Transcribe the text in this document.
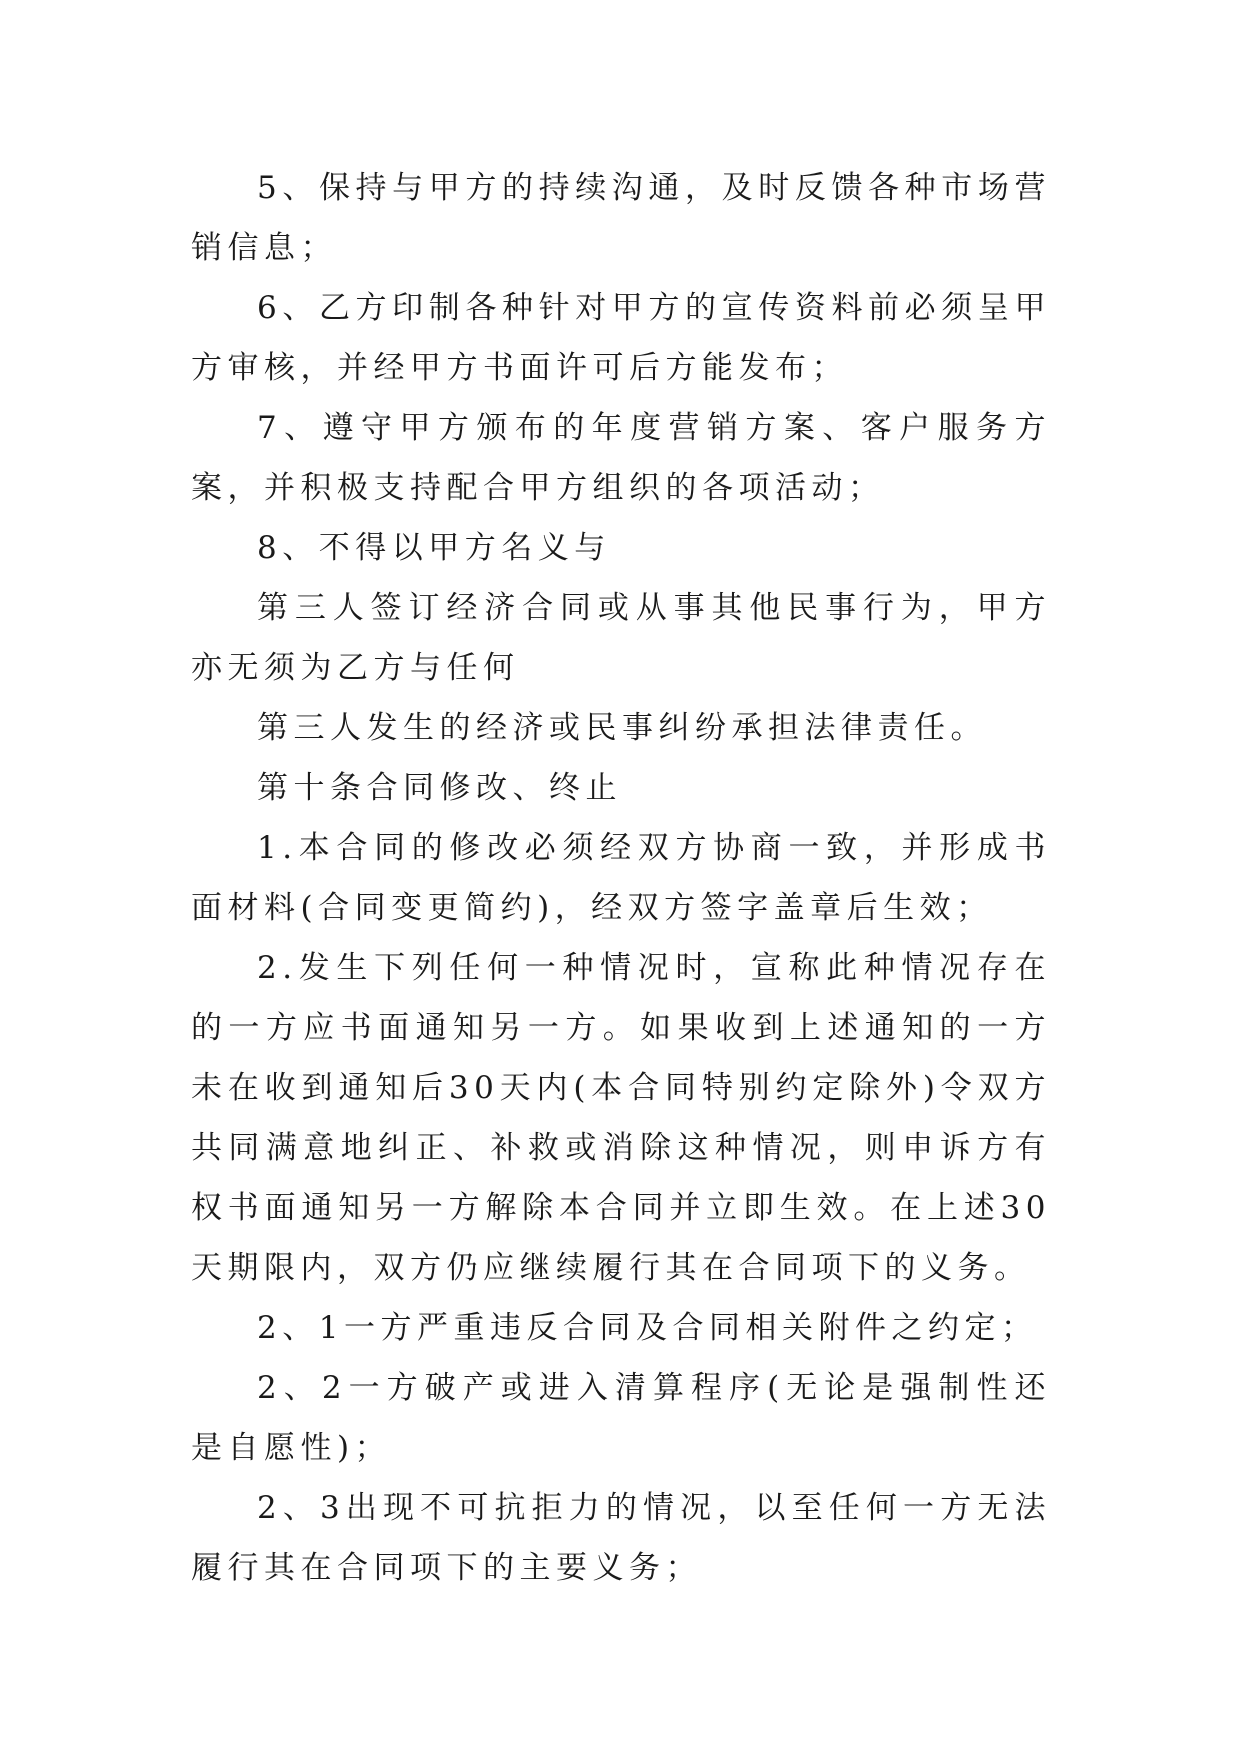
5、保持与甲方的持续沟通，及时反馈各种市场营销信息；

6、乙方印制各种针对甲方的宣传资料前必须呈甲方审核，并经甲方书面许可后方能发布；

7、遵守甲方颁布的年度营销方案、客户服务方案，并积极支持配合甲方组织的各项活动；

8、不得以甲方名义与

第三人签订经济合同或从事其他民事行为，甲方亦无须为乙方与任何

第三人发生的经济或民事纠纷承担法律责任。

第十条合同修改、终止

1.本合同的修改必须经双方协商一致，并形成书面材料(合同变更简约)，经双方签字盖章后生效；

2.发生下列任何一种情况时，宣称此种情况存在的一方应书面通知另一方。如果收到上述通知的一方未在收到通知后30天内(本合同特别约定除外)令双方共同满意地纠正、补救或消除这种情况，则申诉方有权书面通知另一方解除本合同并立即生效。在上述30天期限内，双方仍应继续履行其在合同项下的义务。

2、1一方严重违反合同及合同相关附件之约定；

2、2一方破产或进入清算程序(无论是强制性还是自愿性)；

2、3出现不可抗拒力的情况，以至任何一方无法履行其在合同项下的主要义务；
